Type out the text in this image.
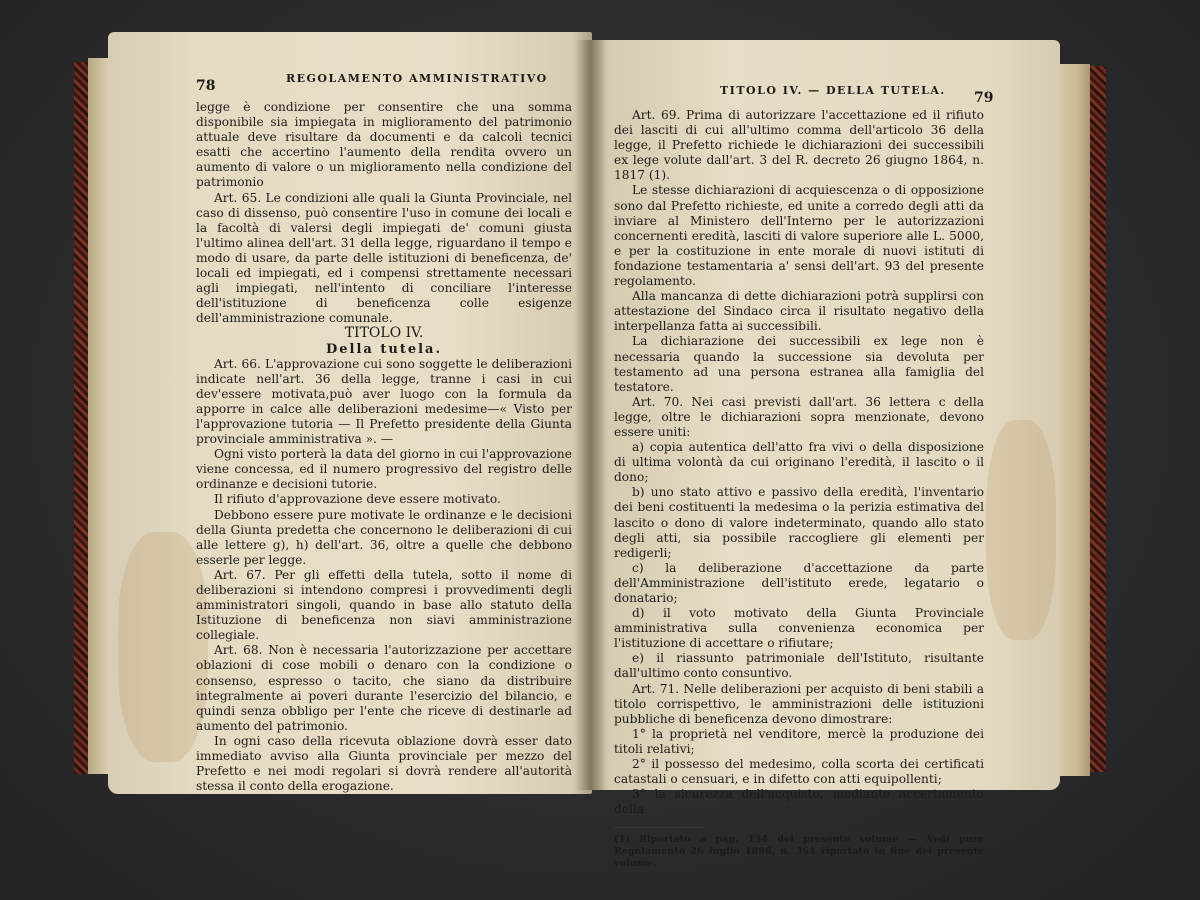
78	REGOLAMENTO AMMINISTRATIVO

legge è condizione per consentire che una somma disponibile sia impiegata in miglioramento del patrimonio attuale deve risultare da documenti e da calcoli tecnici esatti che accertino l'aumento della rendita ovvero un aumento di valore o un miglioramento nella condizione del patrimonio

Art. 65. Le condizioni alle quali la Giunta Provinciale, nel caso di dissenso, può consentire l'uso in comune dei locali e la facoltà di valersi degli impiegati de' comuni giusta l'ultimo alinea dell'art. 31 della legge, riguardano il tempo e modo di usare, da parte delle istituzioni di beneficenza, de' locali ed impiegati, ed i compensi strettamente necessari agli impiegati, nell'intento di conciliare l'interesse dell'istituzione di beneficenza colle esigenze dell'amministrazione comunale.

TITOLO IV.

Della tutela.

Art. 66. L'approvazione cui sono soggette le deliberazioni indicate nell'art. 36 della legge, tranne i casi in cui dev'essere motivata,può aver luogo con la formula da apporre in calce alle deliberazioni medesime—« Visto per l'approvazione tutoria — Il Prefetto presidente della Giunta provinciale amministrativa ». —

Ogni visto porterà la data del giorno in cui l'approvazione viene concessa, ed il numero progressivo del registro delle ordinanze e decisioni tutorie.

Il rifiuto d'approvazione deve essere motivato.

Debbono essere pure motivate le ordinanze e le decisioni della Giunta predetta che concernono le deliberazioni di cui alle lettere g), h) dell'art. 36, oltre a quelle che debbono esserle per legge.

Art. 67. Per gli effetti della tutela, sotto il nome di deliberazioni si intendono compresi i provvedimenti degli amministratori singoli, quando in base allo statuto della Istituzione di beneficenza non siavi amministrazione collegiale.

Art. 68. Non è necessaria l'autorizzazione per accettare oblazioni di cose mobili o denaro con la condizione o consenso, espresso o tacito, che siano da distribuire integralmente ai poveri durante l'esercizio del bilancio, e quindi senza obbligo per l'ente che riceve di destinarle ad aumento del patrimonio.

In ogni caso della ricevuta oblazione dovrà esser dato immediato avviso alla Giunta provinciale per mezzo del Prefetto e nei modi regolari si dovrà rendere all'autorità stessa il conto della erogazione.

TITOLO IV. — DELLA TUTELA. 79

Art. 69. Prima di autorizzare l'accettazione ed il rifiuto dei lasciti di cui all'ultimo comma dell'articolo 36 della legge, il Prefetto richiede le dichiarazioni dei successibili ex lege volute dall'art. 3 del R. decreto 26 giugno 1864, n. 1817 (1).

Le stesse dichiarazioni di acquiescenza o di opposizione sono dal Prefetto richieste, ed unite a corredo degli atti da inviare al Ministero dell'Interno per le autorizzazioni concernenti eredità, lasciti di valore superiore alle L. 5000, e per la costituzione in ente morale di nuovi istituti di fondazione testamentaria a' sensi dell'art. 93 del presente regolamento.

Alla mancanza di dette dichiarazioni potrà supplirsi con attestazione del Sindaco circa il risultato negativo della interpellanza fatta ai successibili.

La dichiarazione dei successibili ex lege non è necessaria quando la successione sia devoluta per testamento ad una persona estranea alla famiglia del testatore.

Art. 70. Nei casi previsti dall'art. 36 lettera c della legge, oltre le dichiarazioni sopra menzionate, devono essere uniti:

a) copia autentica dell'atto fra vivi o della disposizione di ultima volontà da cui originano l'eredità, il lascito o il dono;

b) uno stato attivo e passivo della eredità, l'inventario dei beni costituenti la medesima o la perizia estimativa del lascito o dono di valore indeterminato, quando allo stato degli atti, sia possibile raccogliere gli elementi per redigerli;

c) la deliberazione d'accettazione da parte dell'Amministrazione dell'istituto erede, legatario o donatario;

d) il voto motivato della Giunta Provinciale amministrativa sulla convenienza economica per l'istituzione di accettare o rifiutare;

e) il riassunto patrimoniale dell'Istituto, risultante dall'ultimo conto consuntivo.

Art. 71. Nelle deliberazioni per acquisto di beni stabili a titolo corrispettivo, le amministrazioni delle istituzioni pubbliche di beneficenza devono dimostrare:

1° la proprietà nel venditore, mercè la produzione dei titoli relativi;

2° il possesso del medesimo, colla scorta dei certificati catastali o censuari, e in difetto con atti equipollenti;

3° la sicurezza dell'acquisto, mediante accertamento della

(1) Riportato a pag. 134 del presente volume — Vedi pure Regolamento 26 luglio 1896, n. 361 riportato in fine del presente volume.
